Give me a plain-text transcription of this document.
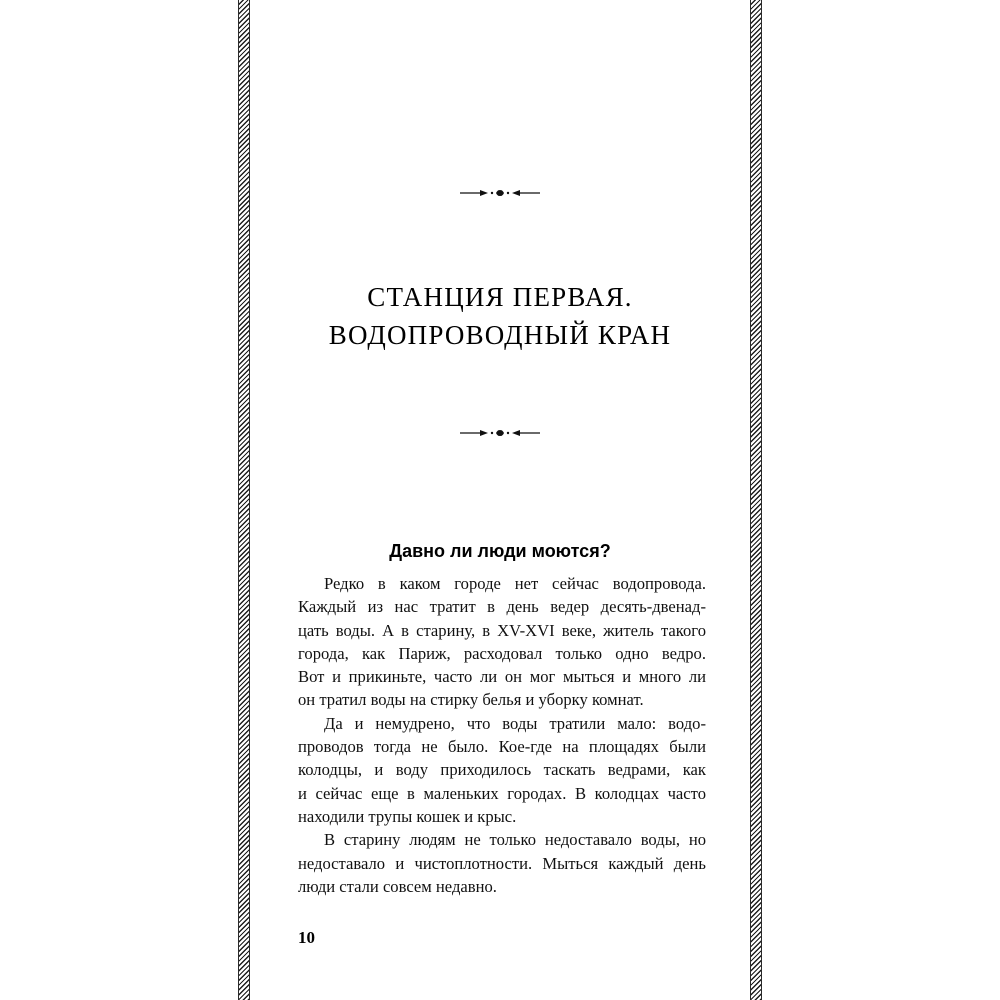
СТАНЦИЯ ПЕРВАЯ.
ВОДОПРОВОДНЫЙ КРАН
Давно ли люди моются?
Редко в каком городе нет сейчас водопровода.
Каждый из нас тратит в день ведер десять-двенад-
цать воды. А в старину, в XV-XVI веке, житель такого
города, как Париж, расходовал только одно ведро.
Вот и прикиньте, часто ли он мог мыться и много ли
он тратил воды на стирку белья и уборку комнат.
Да и немудрено, что воды тратили мало: водо-
проводов тогда не было. Кое-где на площадях были
колодцы, и воду приходилось таскать ведрами, как
и сейчас еще в маленьких городах. В колодцах часто
находили трупы кошек и крыс.
В старину людям не только недоставало воды, но
недоставало и чистоплотности. Мыться каждый день
люди стали совсем недавно.
10
